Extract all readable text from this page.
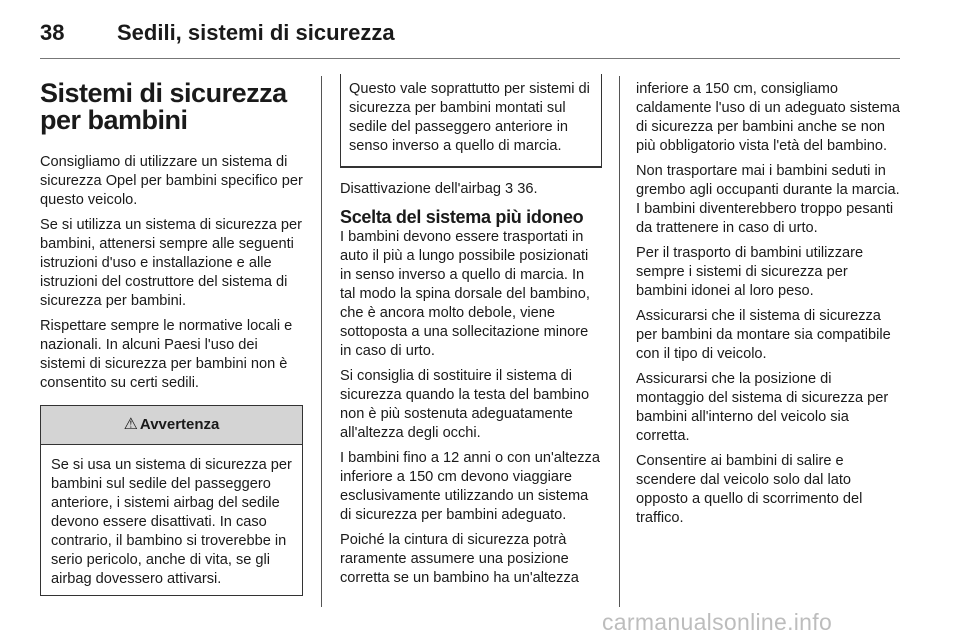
38 Sedili, sistemi di sicurezza
Sistemi di sicurezza per bambini

Consigliamo di utilizzare un sistema di sicurezza Opel per bambini specifico per questo veicolo.

Se si utilizza un sistema di sicurezza per bambini, attenersi sempre alle seguenti istruzioni d'uso e installazione e alle istruzioni del costruttore del sistema di sicurezza per bambini.

Rispettare sempre le normative locali e nazionali. In alcuni Paesi l'uso dei sistemi di sicurezza per bambini non è consentito su certi sedili.

⚠ Avvertenza
Se si usa un sistema di sicurezza per bambini sul sedile del passeggero anteriore, i sistemi airbag del sedile devono essere disattivati. In caso contrario, il bambino si troverebbe in serio pericolo, anche di vita, se gli airbag dovessero attivarsi.
Questo vale soprattutto per sistemi di sicurezza per bambini montati sul sedile del passeggero anteriore in senso inverso a quello di marcia.

Disattivazione dell'airbag 3 36.

Scelta del sistema più idoneo

I bambini devono essere trasportati in auto il più a lungo possibile posizionati in senso inverso a quello di marcia. In tal modo la spina dorsale del bambino, che è ancora molto debole, viene sottoposta a una sollecitazione minore in caso di urto.

Si consiglia di sostituire il sistema di sicurezza quando la testa del bambino non è più sostenuta adeguatamente all'altezza degli occhi.

I bambini fino a 12 anni o con un'altezza inferiore a 150 cm devono viaggiare esclusivamente utilizzando un sistema di sicurezza per bambini adeguato.

Poiché la cintura di sicurezza potrà raramente assumere una posizione corretta se un bambino ha un'altezza

inferiore a 150 cm, consigliamo caldamente l'uso di un adeguato sistema di sicurezza per bambini anche se non più obbligatorio vista l'età del bambino.

Non trasportare mai i bambini seduti in grembo agli occupanti durante la marcia. I bambini diventerebbero troppo pesanti da trattenere in caso di urto.

Per il trasporto di bambini utilizzare sempre i sistemi di sicurezza per bambini idonei al loro peso.

Assicurarsi che il sistema di sicurezza per bambini da montare sia compatibile con il tipo di veicolo.

Assicurarsi che la posizione di montaggio del sistema di sicurezza per bambini all'interno del veicolo sia corretta.

Consentire ai bambini di salire e scendere dal veicolo solo dal lato opposto a quello di scorrimento del traffico.

carmanualsonline.info
